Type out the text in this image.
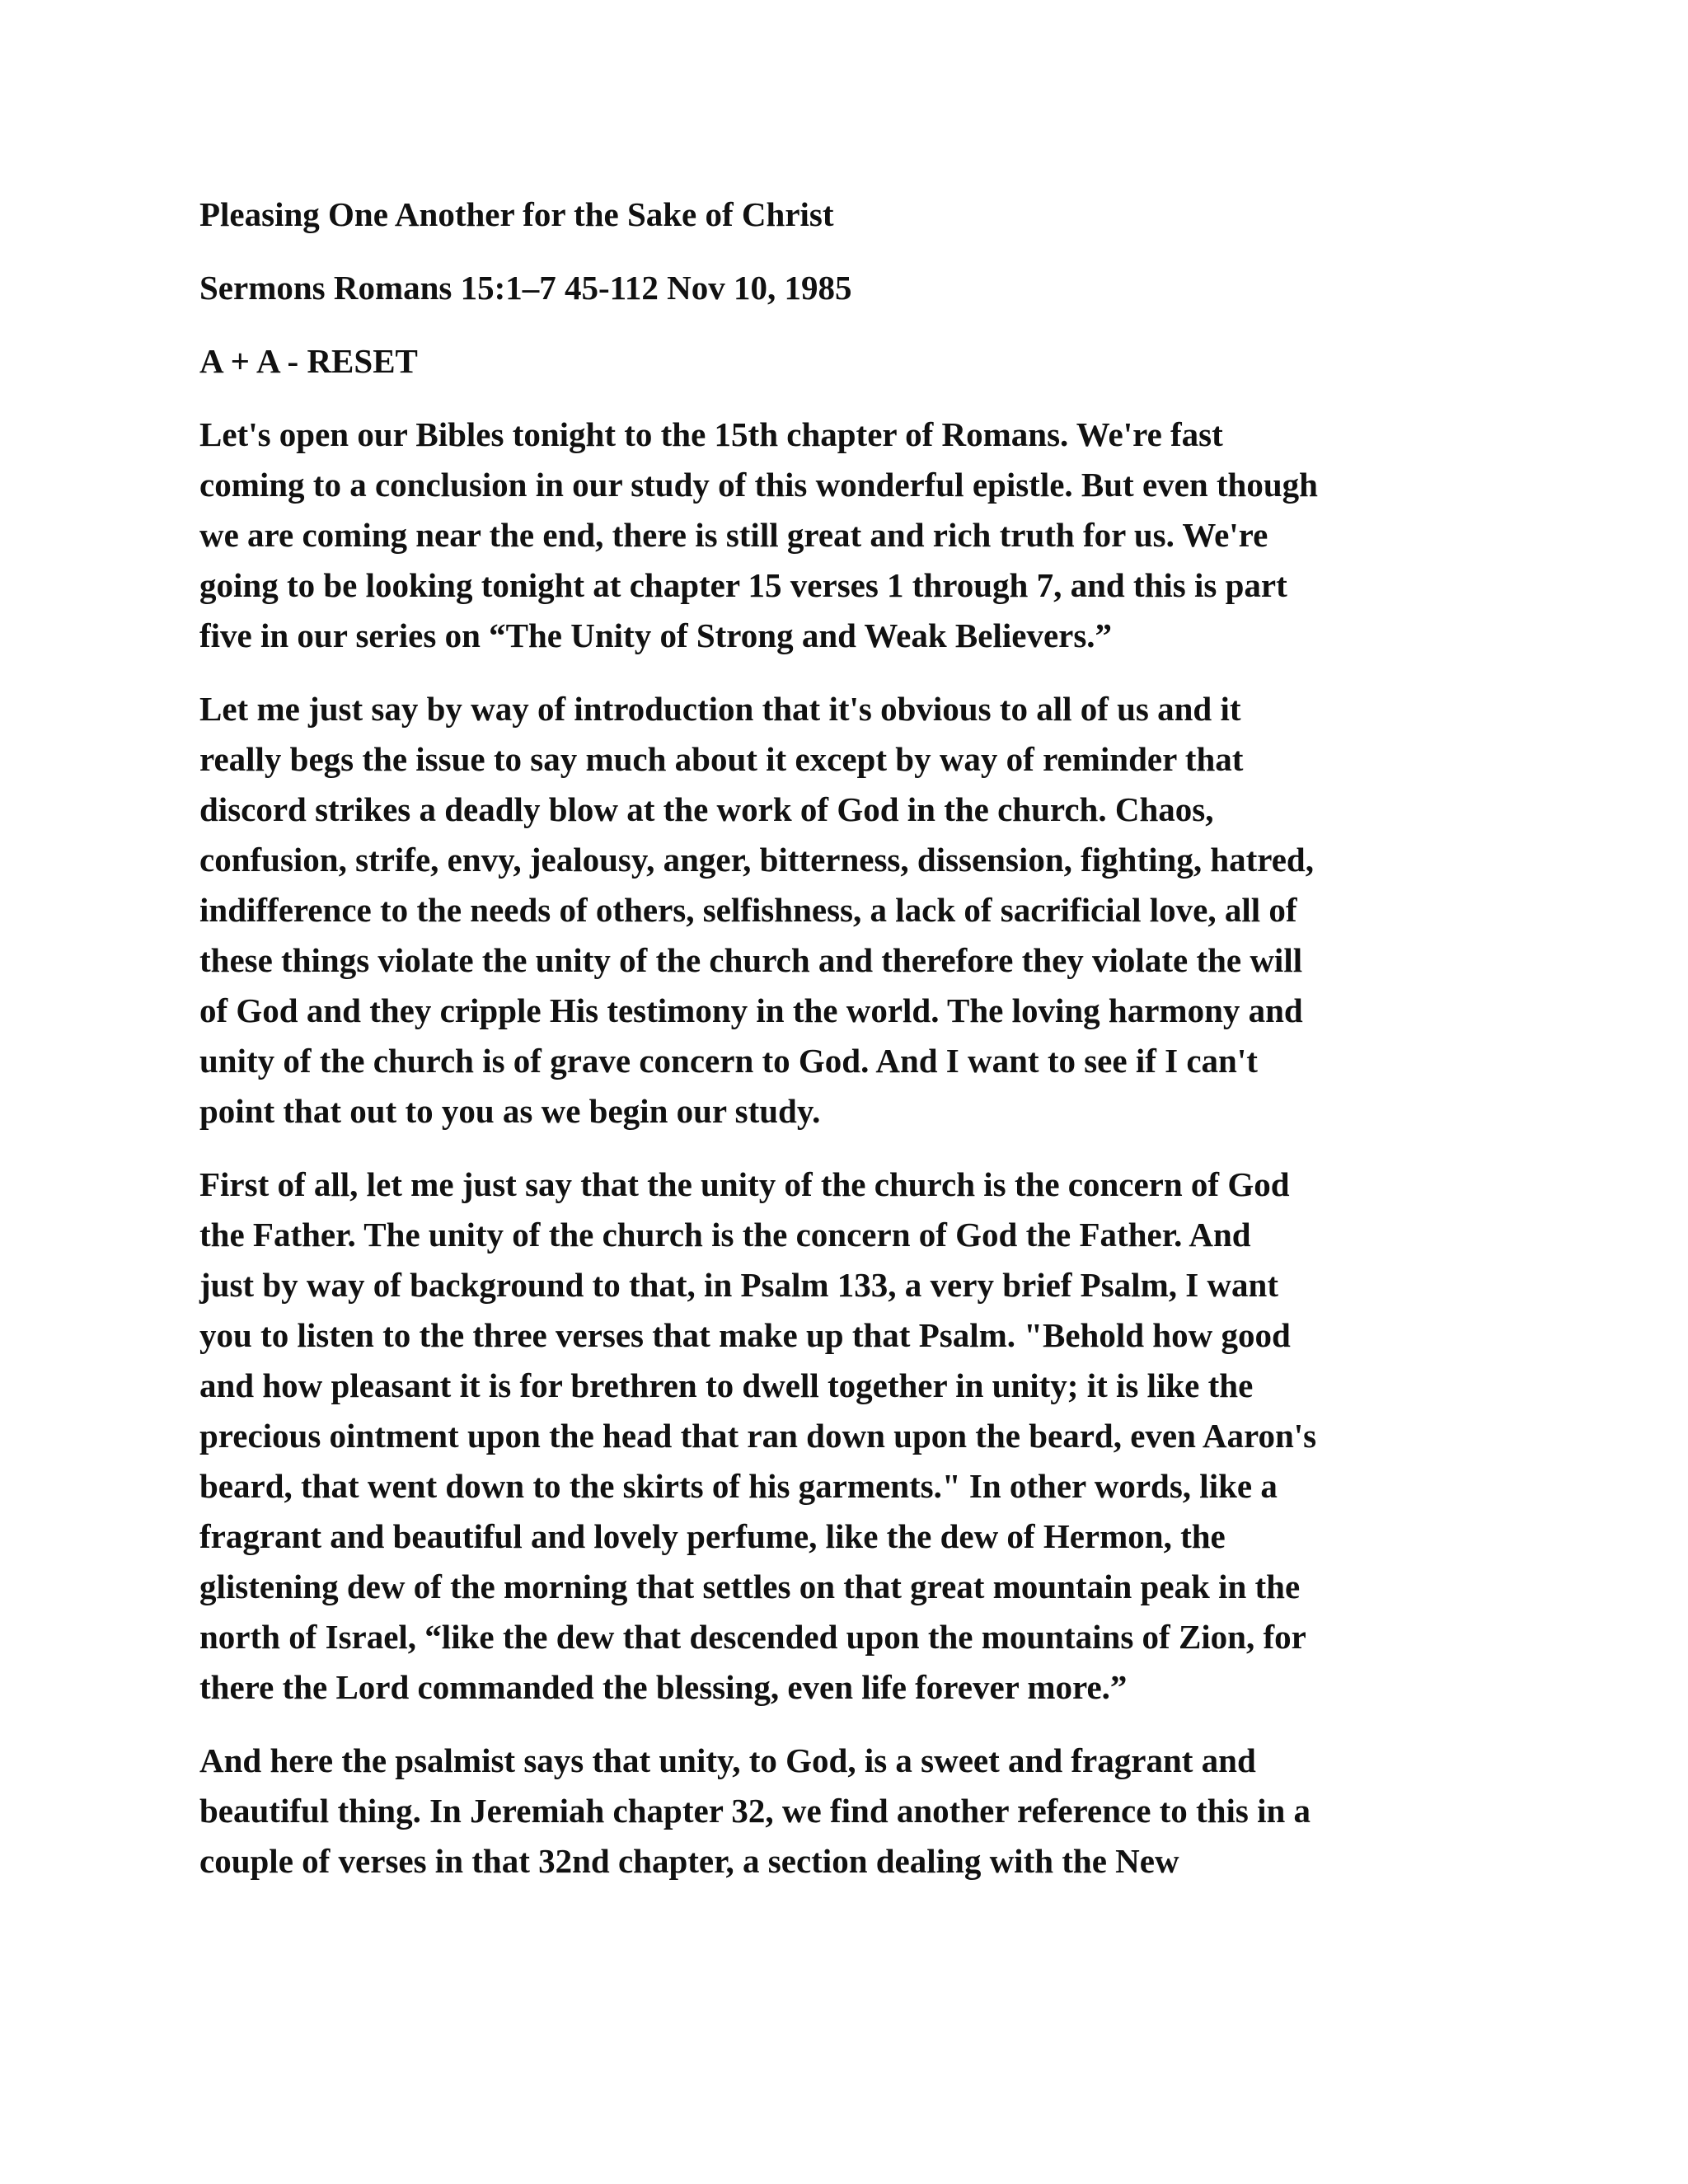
Pleasing One Another for the Sake of Christ
Sermons Romans 15:1–7 45-112 Nov 10, 1985
A + A - RESET
Let's open our Bibles tonight to the 15th chapter of Romans. We're fast
coming to a conclusion in our study of this wonderful epistle. But even though
we are coming near the end, there is still great and rich truth for us. We're
going to be looking tonight at chapter 15 verses 1 through 7, and this is part
five in our series on “The Unity of Strong and Weak Believers.”
Let me just say by way of introduction that it's obvious to all of us and it
really begs the issue to say much about it except by way of reminder that
discord strikes a deadly blow at the work of God in the church. Chaos,
confusion, strife, envy, jealousy, anger, bitterness, dissension, fighting, hatred,
indifference to the needs of others, selfishness, a lack of sacrificial love, all of
these things violate the unity of the church and therefore they violate the will
of God and they cripple His testimony in the world. The loving harmony and
unity of the church is of grave concern to God. And I want to see if I can't
point that out to you as we begin our study.
First of all, let me just say that the unity of the church is the concern of God
the Father. The unity of the church is the concern of God the Father. And
just by way of background to that, in Psalm 133, a very brief Psalm, I want
you to listen to the three verses that make up that Psalm. "Behold how good
and how pleasant it is for brethren to dwell together in unity; it is like the
precious ointment upon the head that ran down upon the beard, even Aaron's
beard, that went down to the skirts of his garments." In other words, like a
fragrant and beautiful and lovely perfume, like the dew of Hermon, the
glistening dew of the morning that settles on that great mountain peak in the
north of Israel, “like the dew that descended upon the mountains of Zion, for
there the Lord commanded the blessing, even life forever more.”
And here the psalmist says that unity, to God, is a sweet and fragrant and
beautiful thing. In Jeremiah chapter 32, we find another reference to this in a
couple of verses in that 32nd chapter, a section dealing with the New
